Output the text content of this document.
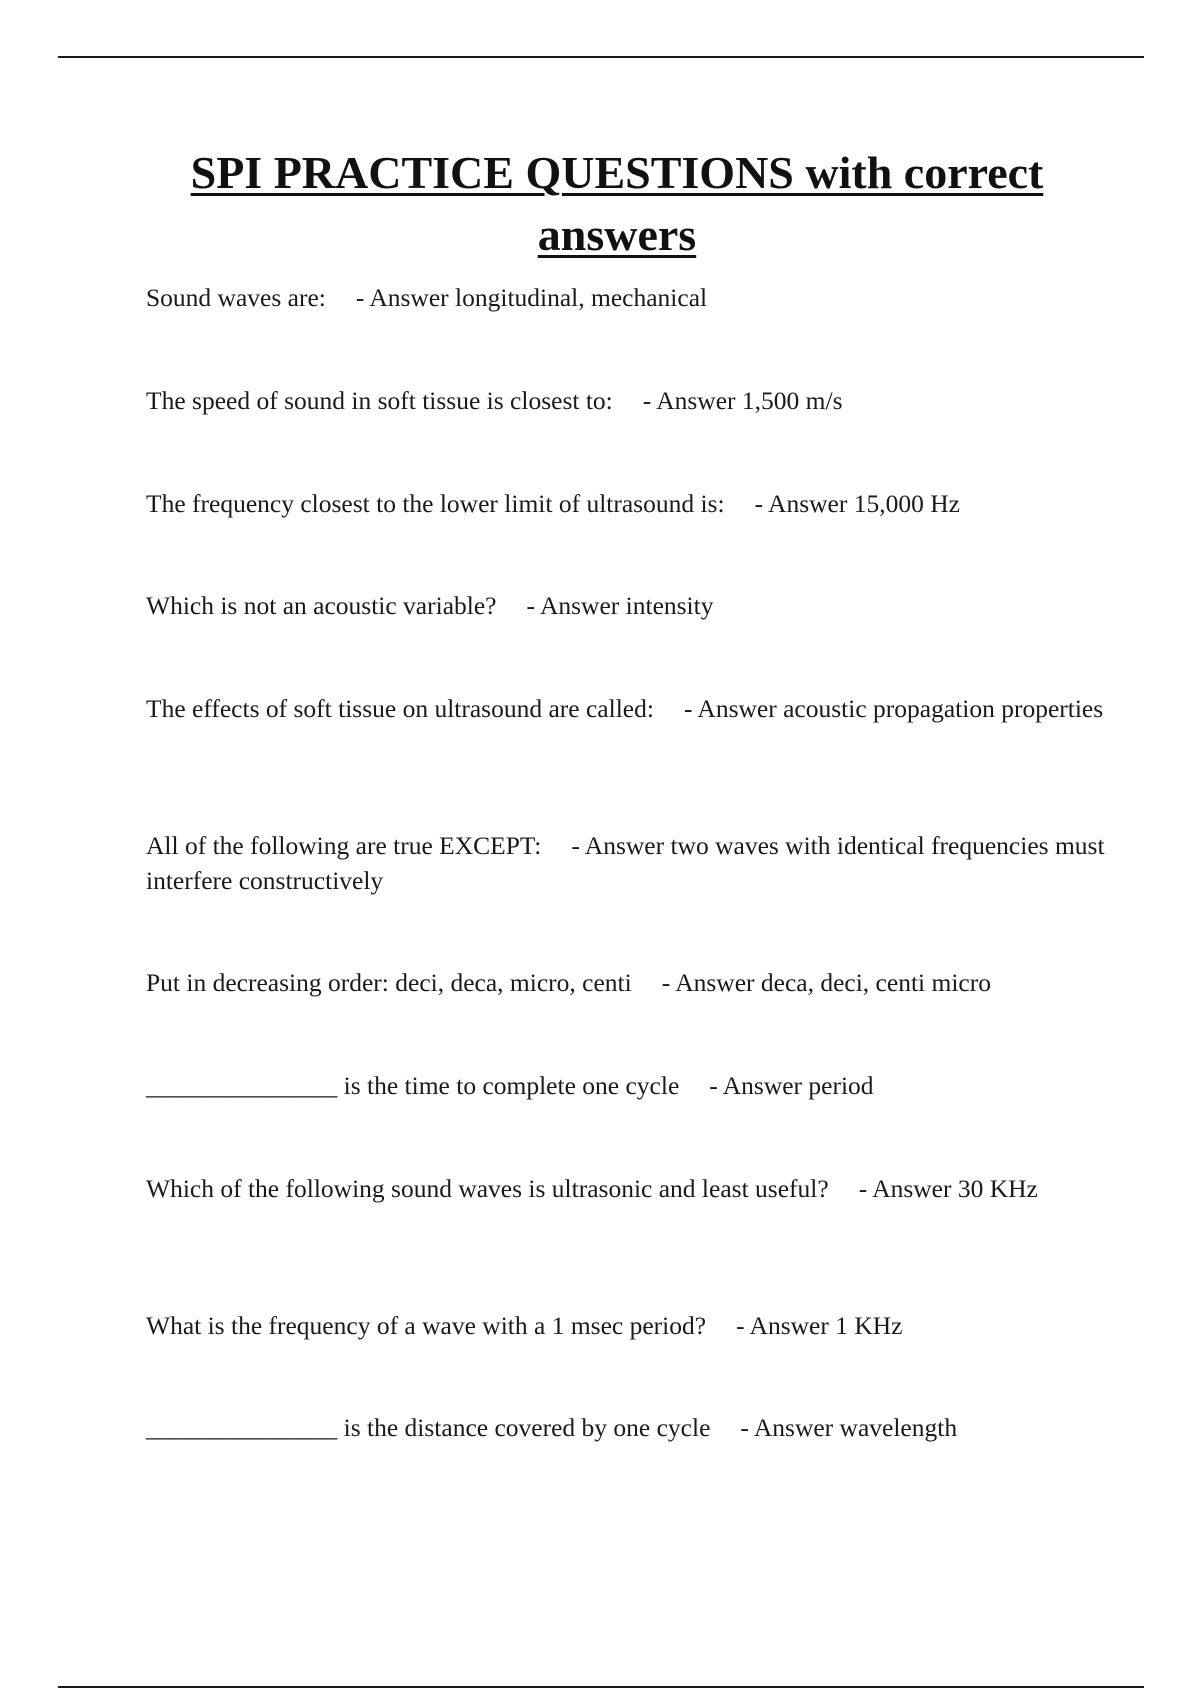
SPI PRACTICE QUESTIONS with correct answers

Sound waves are: - Answer longitudinal, mechanical

The speed of sound in soft tissue is closest to: - Answer 1,500 m/s

The frequency closest to the lower limit of ultrasound is: - Answer 15,000 Hz

Which is not an acoustic variable? - Answer intensity

The effects of soft tissue on ultrasound are called: - Answer acoustic propagation properties

All of the following are true EXCEPT: - Answer two waves with identical frequencies must interfere constructively

Put in decreasing order: deci, deca, micro, centi - Answer deca, deci, centi micro

_______________ is the time to complete one cycle - Answer period

Which of the following sound waves is ultrasonic and least useful? - Answer 30 KHz

What is the frequency of a wave with a 1 msec period? - Answer 1 KHz

_______________ is the distance covered by one cycle - Answer wavelength
